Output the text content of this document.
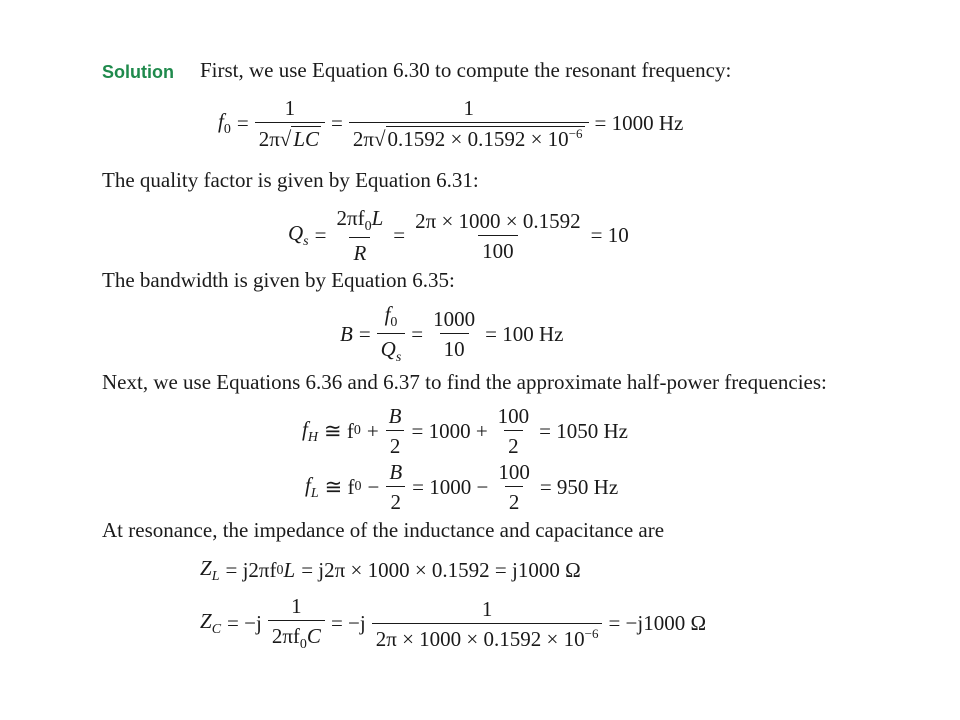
Solution First, we use Equation 6.30 to compute the resonant frequency:
$f_0 = \frac{1}{2\pi√ LC} = \frac{1}{2\pi√ 0.1592 \times 0.1592 \times 10^{-6}} = 1000$ Hz
The quality factor is given by Equation 6.31:
$Q_s = \frac{2\pi f_0L}{R} = \frac{2\pi \times 1000 \times 0.1592}{100} = 10$
The bandwidth is given by Equation 6.35:
$B = \frac{f_0}{Q_s} = \frac{1000}{10} = 100$ Hz
Next, we use Equations 6.36 and 6.37 to find the approximate half-power frequencies:
$f_H$ ≅ f $0 + \frac{B}{2} = 1000 + \frac{100}{2} = 1050$ Hz
$f_L$ ≅ f $0 - \frac{B}{2} = 1000 - \frac{100}{2} = 950$ Hz
At resonance, the impedance of the inductance and capacitance are
$Z_L = j2\pi f$ 0 L = j2π × 1000 × 0.1592 = j1000 Ω
$Z_C = -j \frac{1}{2\pi f_0C} = -j \frac{1}{2\pi \times 1000 \times 0.1592 \times 10^{-6}} = -j1000$ Ω
